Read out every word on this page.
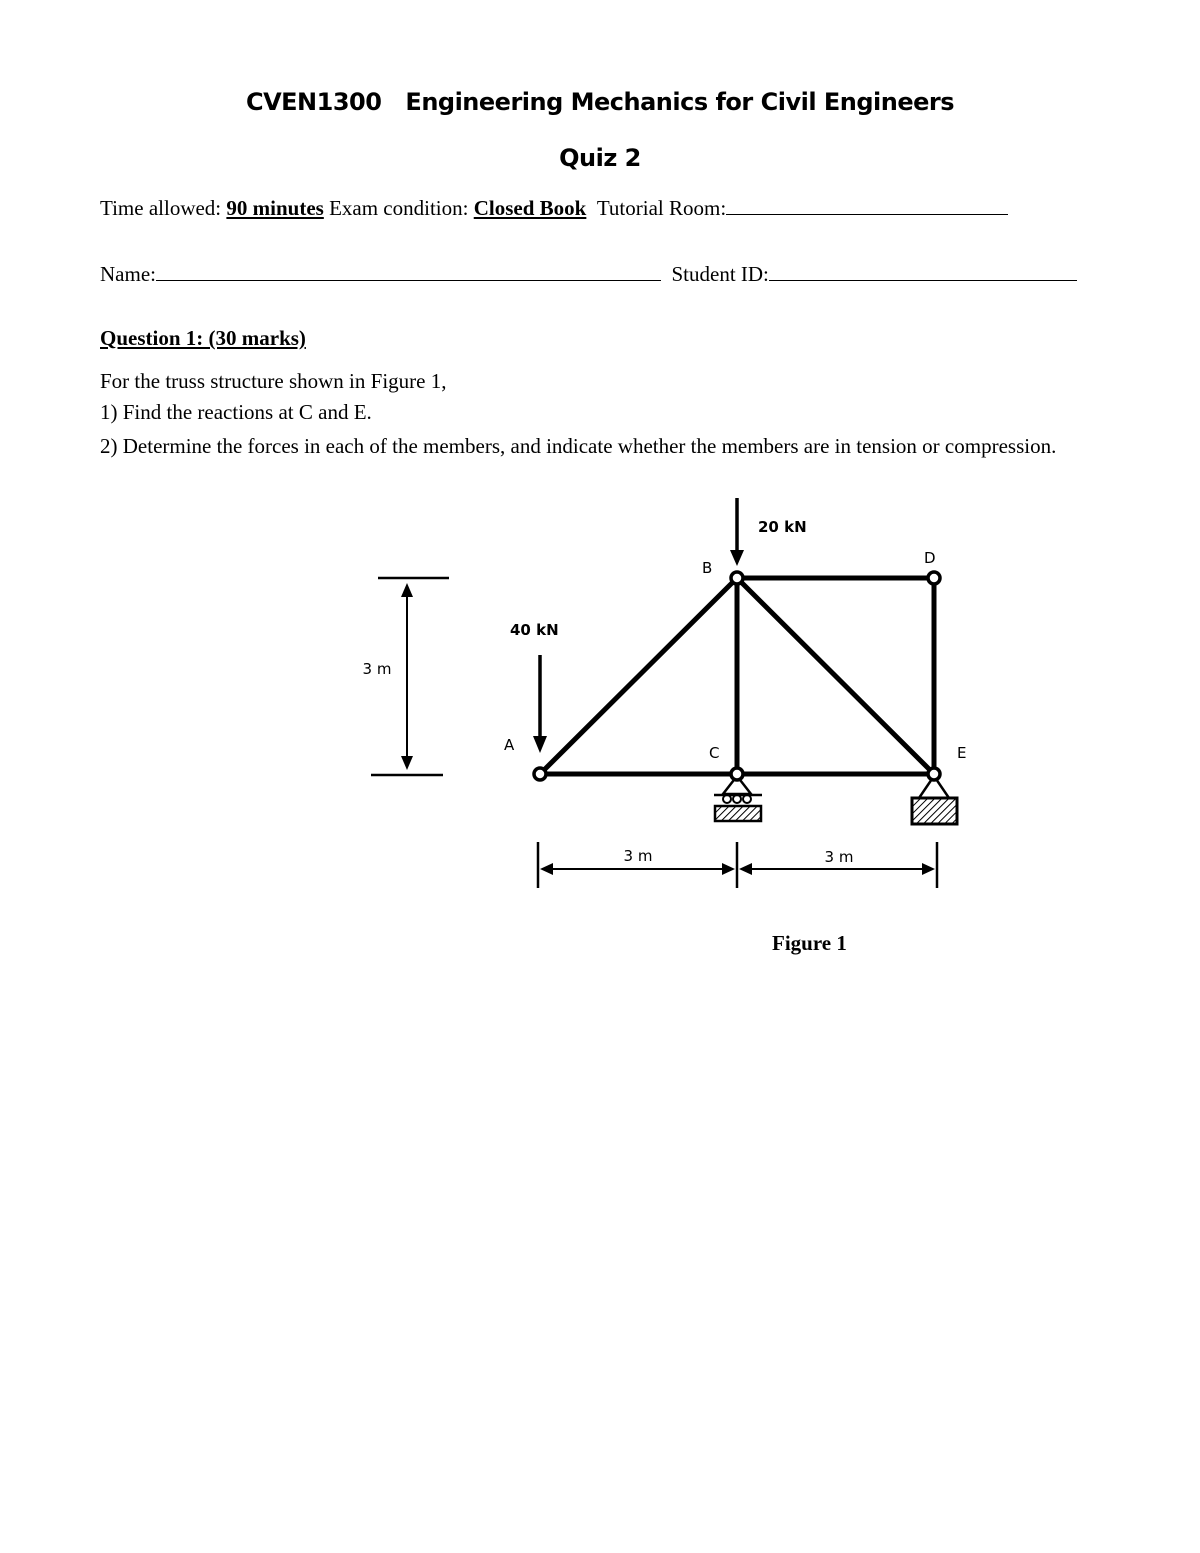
CVEN1300 Engineering Mechanics for Civil Engineers
Quiz 2
Time allowed: 90 minutes Exam condition: Closed Book Tutorial Room:
Name:	Student ID:
Question 1: (30 marks)
For the truss structure shown in Figure 1,
1) Find the reactions at C and E.
2) Determine the forces in each of the members, and indicate whether the members are in tension or compression.
3 m
20 kN
40 kN
A
B
C
D
E
3 m	3 m
Figure 1
